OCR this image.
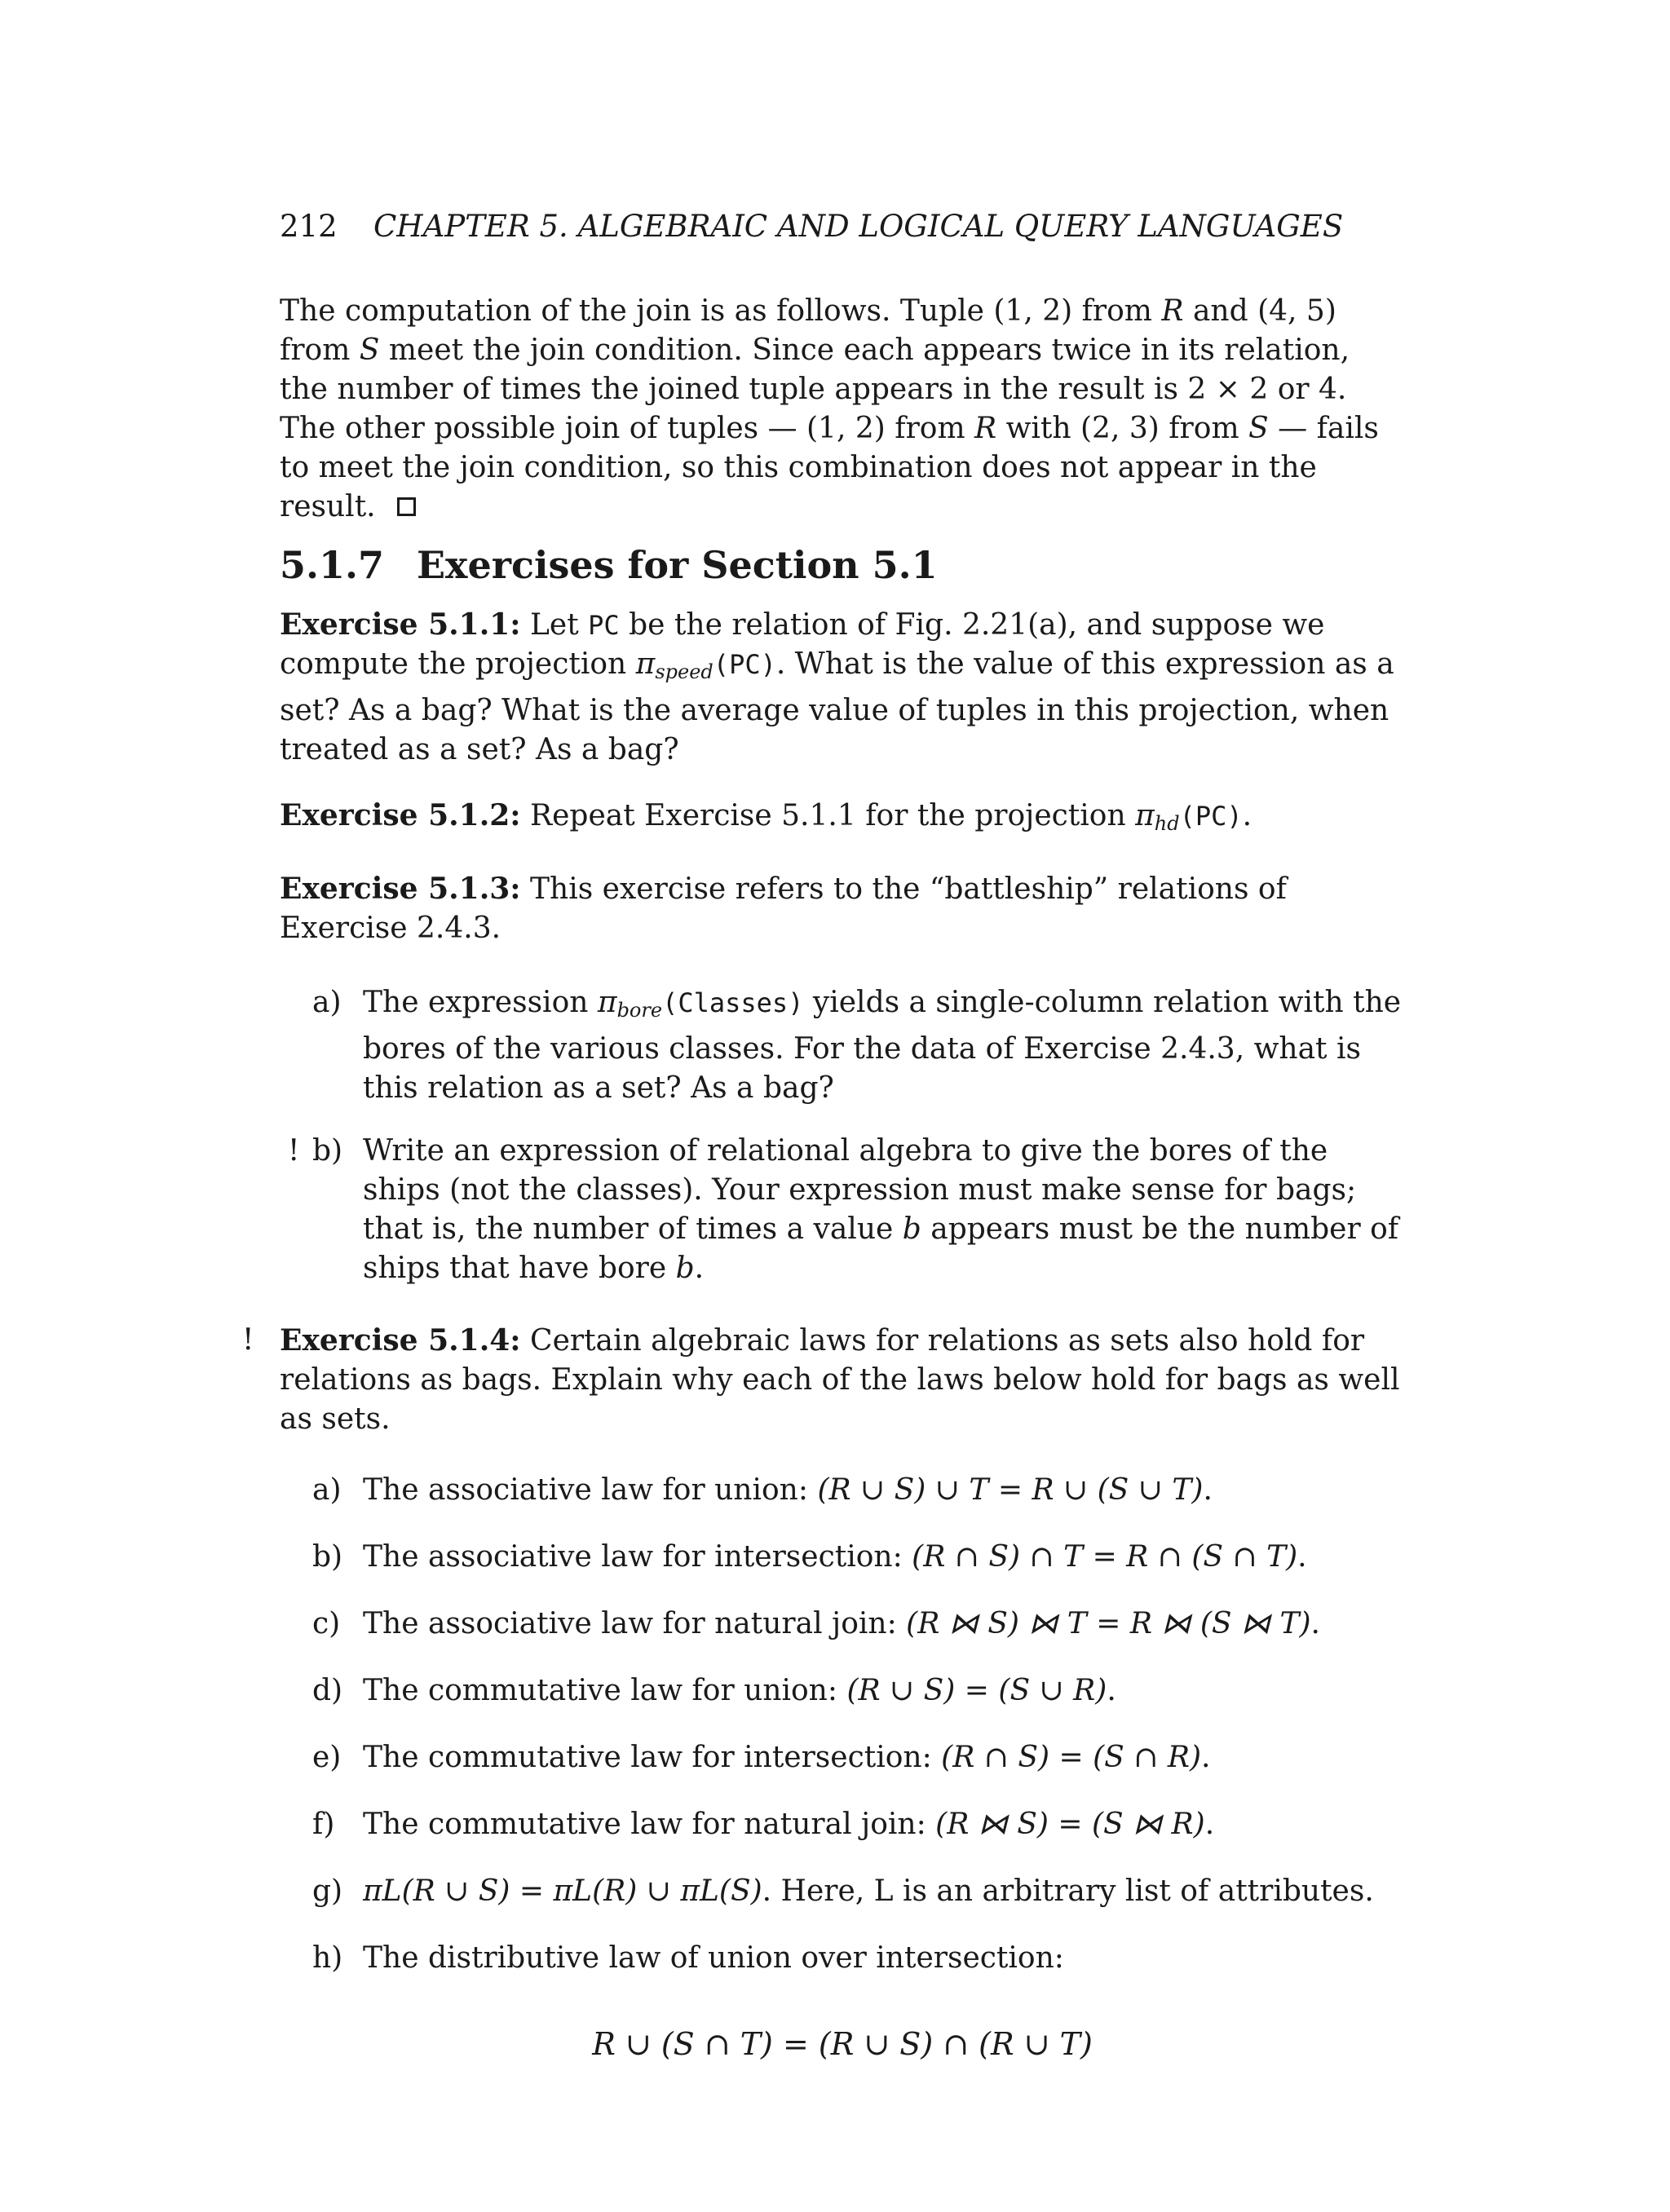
212 CHAPTER 5. ALGEBRAIC AND LOGICAL QUERY LANGUAGES
The computation of the join is as follows. Tuple (1, 2) from R and (4, 5) from S meet the join condition. Since each appears twice in its relation, the number of times the joined tuple appears in the result is 2 × 2 or 4. The other possible join of tuples — (1, 2) from R with (2, 3) from S — fails to meet the join condition, so this combination does not appear in the result.
5.1.7 Exercises for Section 5.1
Exercise 5.1.1: Let PC be the relation of Fig. 2.21(a), and suppose we compute the projection $\pi_{speed}(PC)$. What is the value of this expression as a set? As a bag? What is the average value of tuples in this projection, when treated as a set? As a bag?
Exercise 5.1.2: Repeat Exercise 5.1.1 for the projection $\pi_{hd}(PC)$.
Exercise 5.1.3: This exercise refers to the “battleship” relations of Exercise 2.4.3.
a) The expression $\pi_{bore}(Classes)$ yields a single-column relation with the bores of the various classes. For the data of Exercise 2.4.3, what is this relation as a set? As a bag?
! b) Write an expression of relational algebra to give the bores of the ships (not the classes). Your expression must make sense for bags; that is, the number of times a value b appears must be the number of ships that have bore b.
! Exercise 5.1.4: Certain algebraic laws for relations as sets also hold for relations as bags. Explain why each of the laws below hold for bags as well as sets.
a) The associative law for union: (R ∪ S) ∪ T = R ∪ (S ∪ T).
b) The associative law for intersection: (R ∩ S) ∩ T = R ∩ (S ∩ T).
c) The associative law for natural join: (R ⋈ S) ⋈ T = R ⋈ (S ⋈ T).
d) The commutative law for union: (R ∪ S) = (S ∪ R).
e) The commutative law for intersection: (R ∩ S) = (S ∩ R).
f) The commutative law for natural join: (R ⋈ S) = (S ⋈ R).
g) πL(R ∪ S) = πL(R) ∪ πL(S). Here, L is an arbitrary list of attributes.
h) The distributive law of union over intersection:
R ∪ (S ∩ T) = (R ∪ S) ∩ (R ∪ T)
